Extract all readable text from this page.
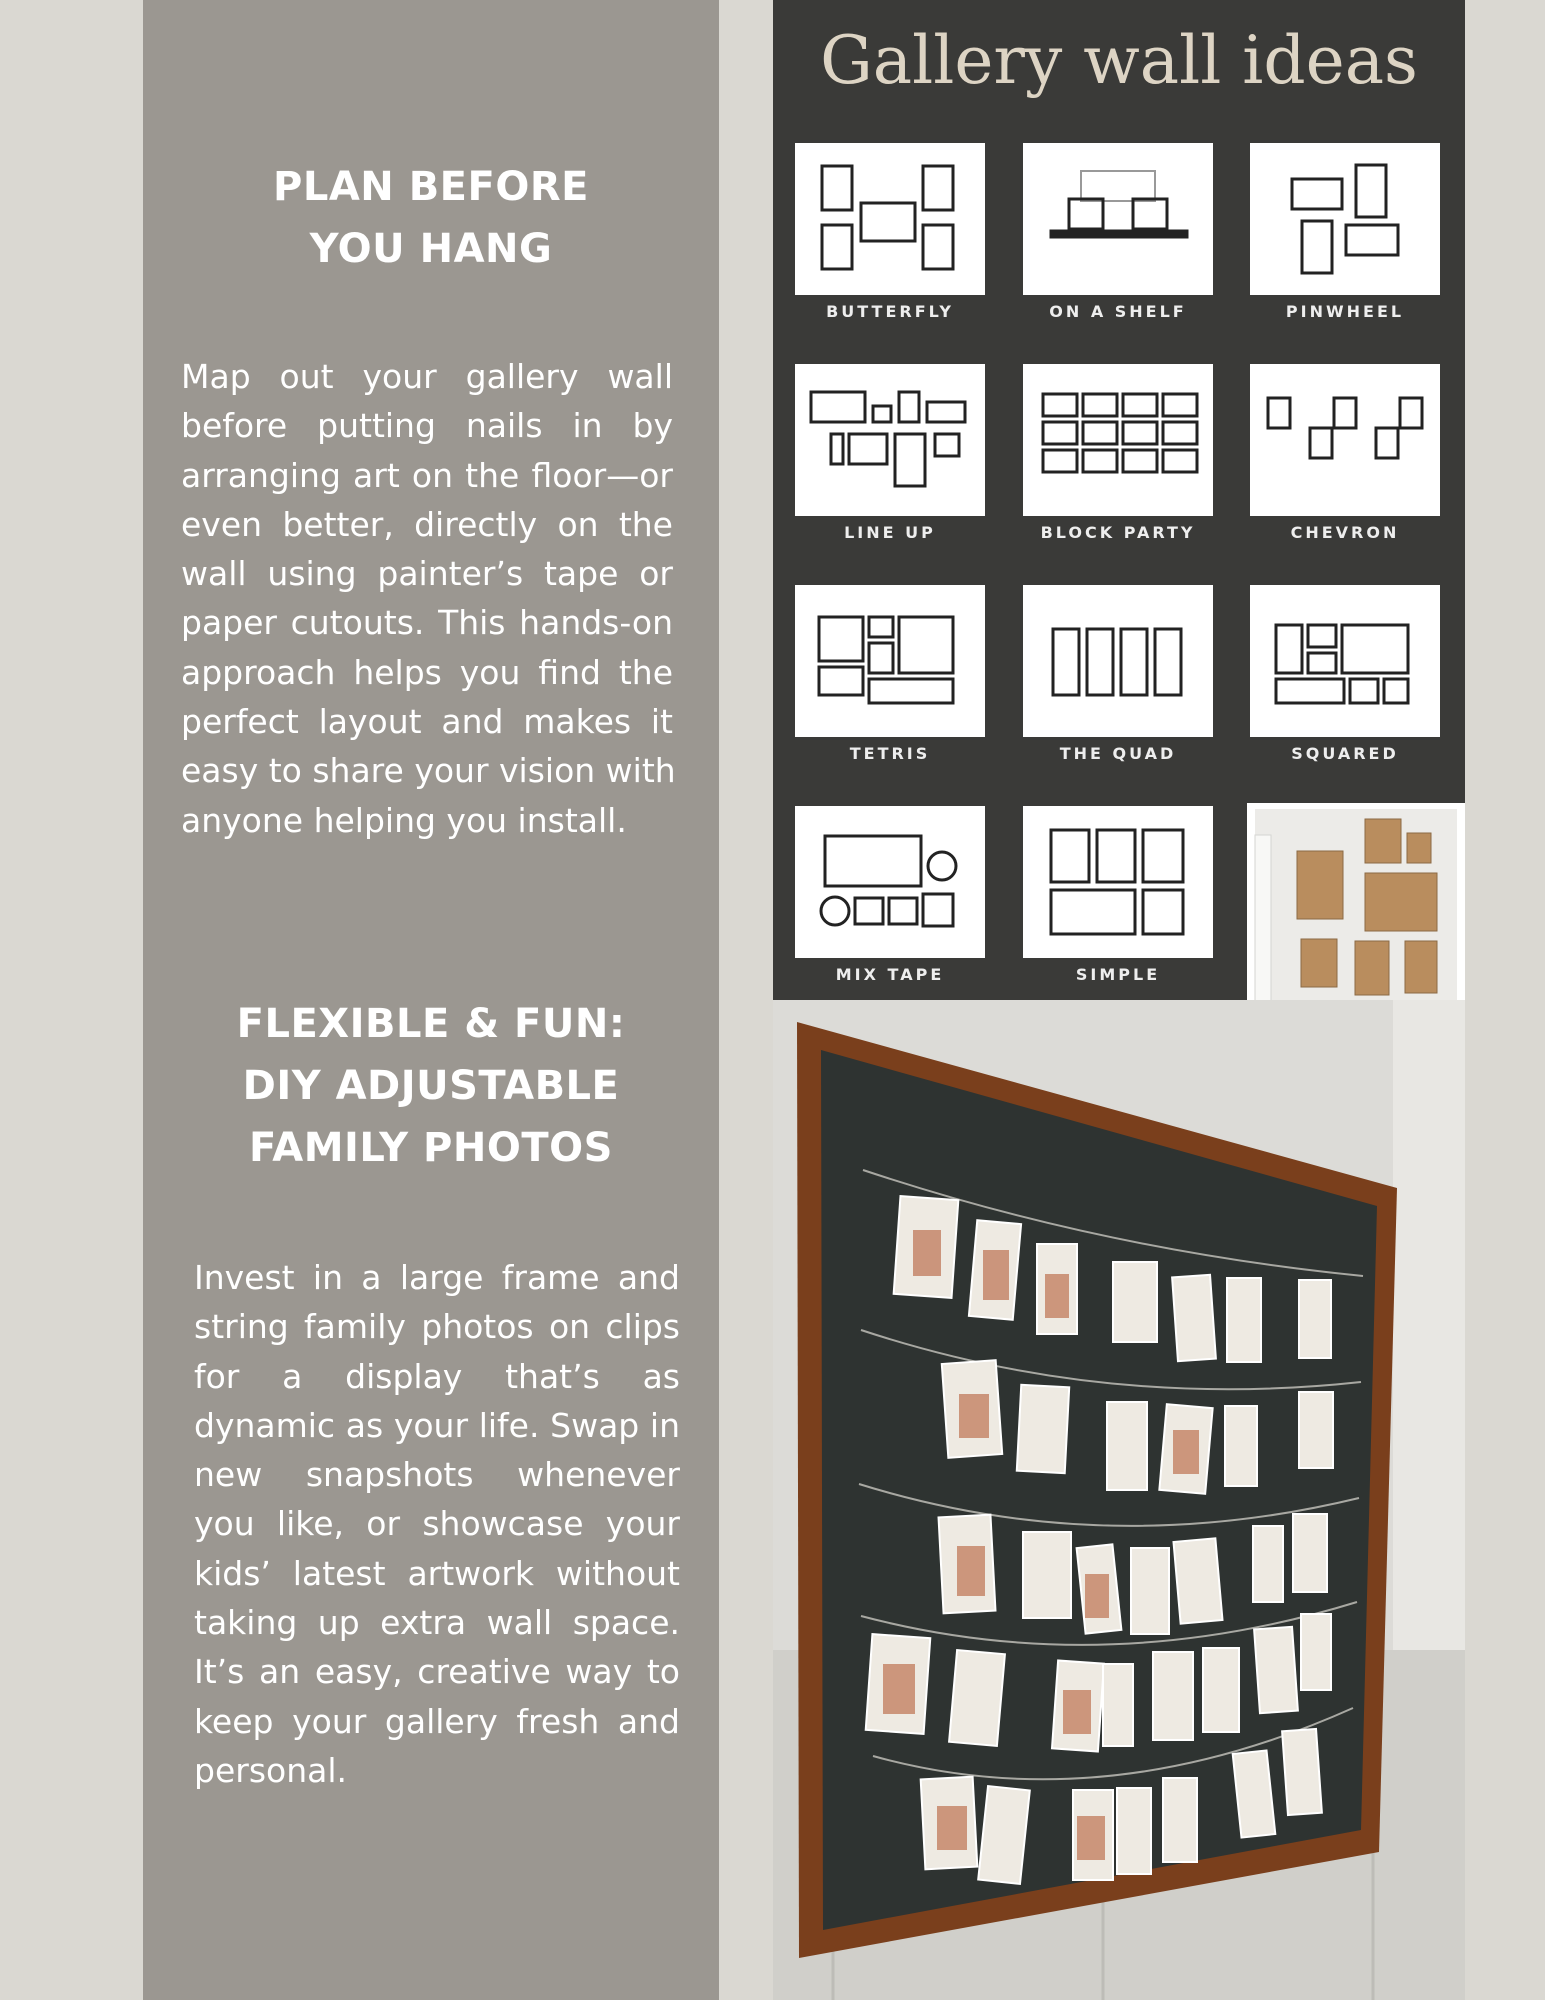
PLAN BEFORE
YOU HANG
Map out your gallery wall
before putting nails in by
arranging art on the floor—or
even better, directly on the
wall using painter’s tape or
paper cutouts. This hands-on
approach helps you find the
perfect layout and makes it
easy to share your vision with
anyone helping you install.
FLEXIBLE & FUN:
DIY ADJUSTABLE
FAMILY PHOTOS
Invest in a large frame and
string family photos on clips
for a display that’s as
dynamic as your life. Swap in
new snapshots whenever
you like, or showcase your
kids’ latest artwork without
taking up extra wall space.
It’s an easy, creative way to
keep your gallery fresh and
personal.
Gallery wall ideas
BUTTERFLY	ON A SHELF	PINWHEEL
LINE UP	BLOCK PARTY	CHEVRON
TETRIS	THE QUAD	SQUARED
MIX TAPE	SIMPLE
